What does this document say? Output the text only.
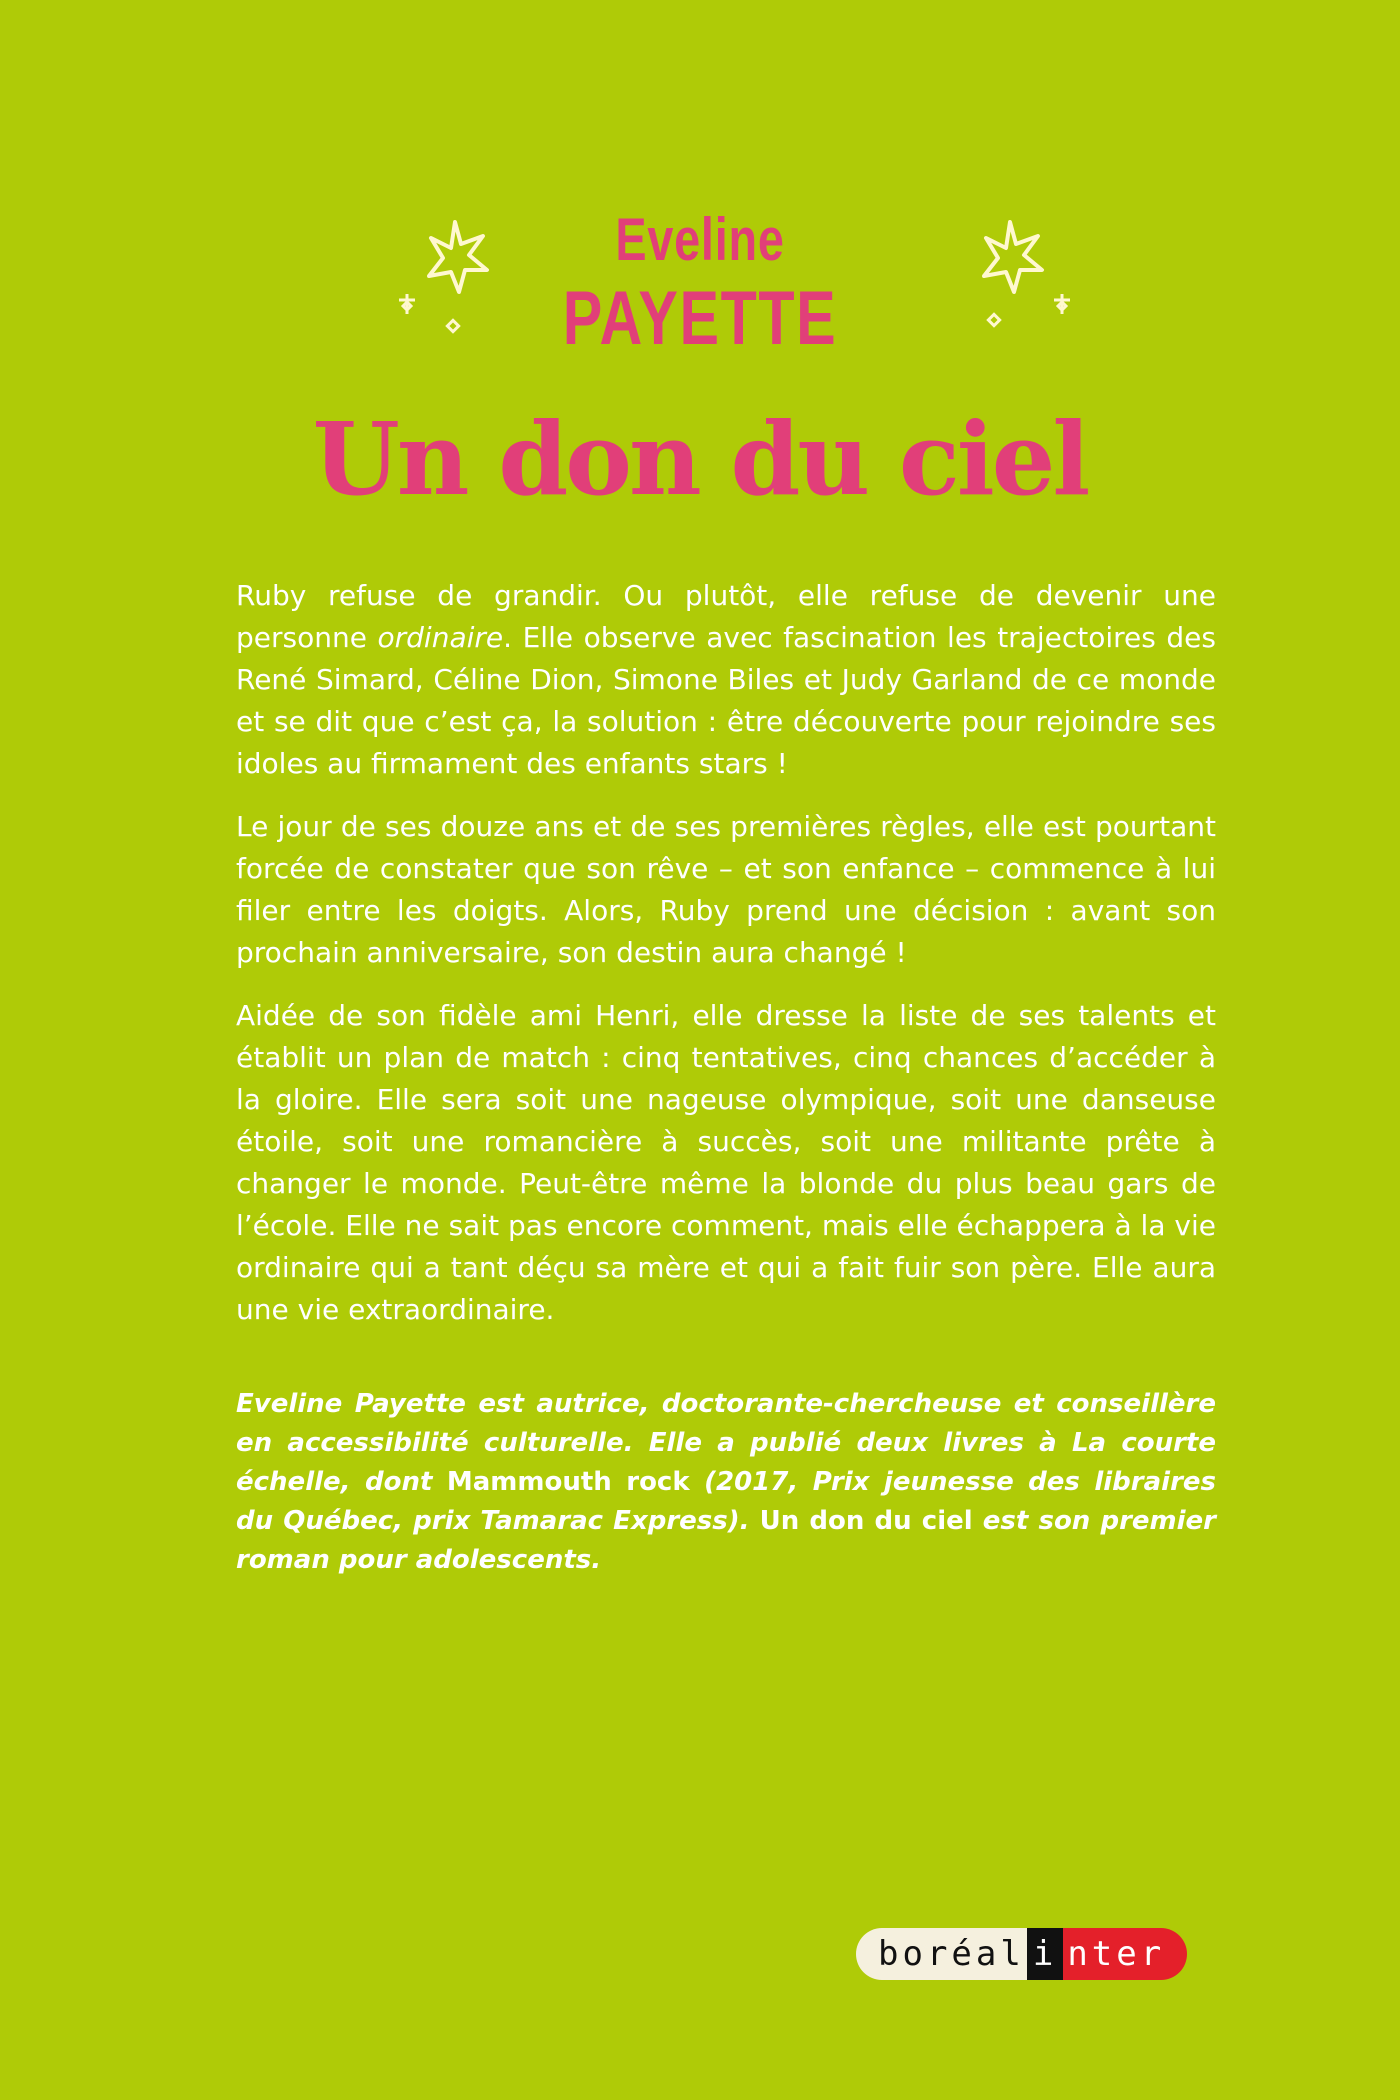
Eveline
PAYETTE
Un don du ciel

Ruby refuse de grandir. Ou plutôt, elle refuse de devenir une personne ordinaire. Elle observe avec fascination les trajectoires des René Simard, Céline Dion, Simone Biles et Judy Garland de ce monde et se dit que c’est ça, la solution : être découverte pour rejoindre ses idoles au firmament des enfants stars !

Le jour de ses douze ans et de ses premières règles, elle est pourtant forcée de constater que son rêve – et son enfance – commence à lui filer entre les doigts. Alors, Ruby prend une décision : avant son prochain anniversaire, son destin aura changé !

Aidée de son fidèle ami Henri, elle dresse la liste de ses talents et établit un plan de match : cinq tentatives, cinq chances d’accéder à la gloire. Elle sera soit une nageuse olympique, soit une danseuse étoile, soit une romancière à succès, soit une militante prête à changer le monde. Peut-être même la blonde du plus beau gars de l’école. Elle ne sait pas encore comment, mais elle échappera à la vie ordinaire qui a tant déçu sa mère et qui a fait fuir son père. Elle aura une vie extraordinaire.

Eveline Payette est autrice, doctorante-chercheuse et conseillère en accessibilité culturelle. Elle a publié deux livres à La courte échelle, dont Mammouth rock (2017, Prix jeunesse des libraires du Québec, prix Tamarac Express). Un don du ciel est son premier roman pour adolescents.
boréal i nter
